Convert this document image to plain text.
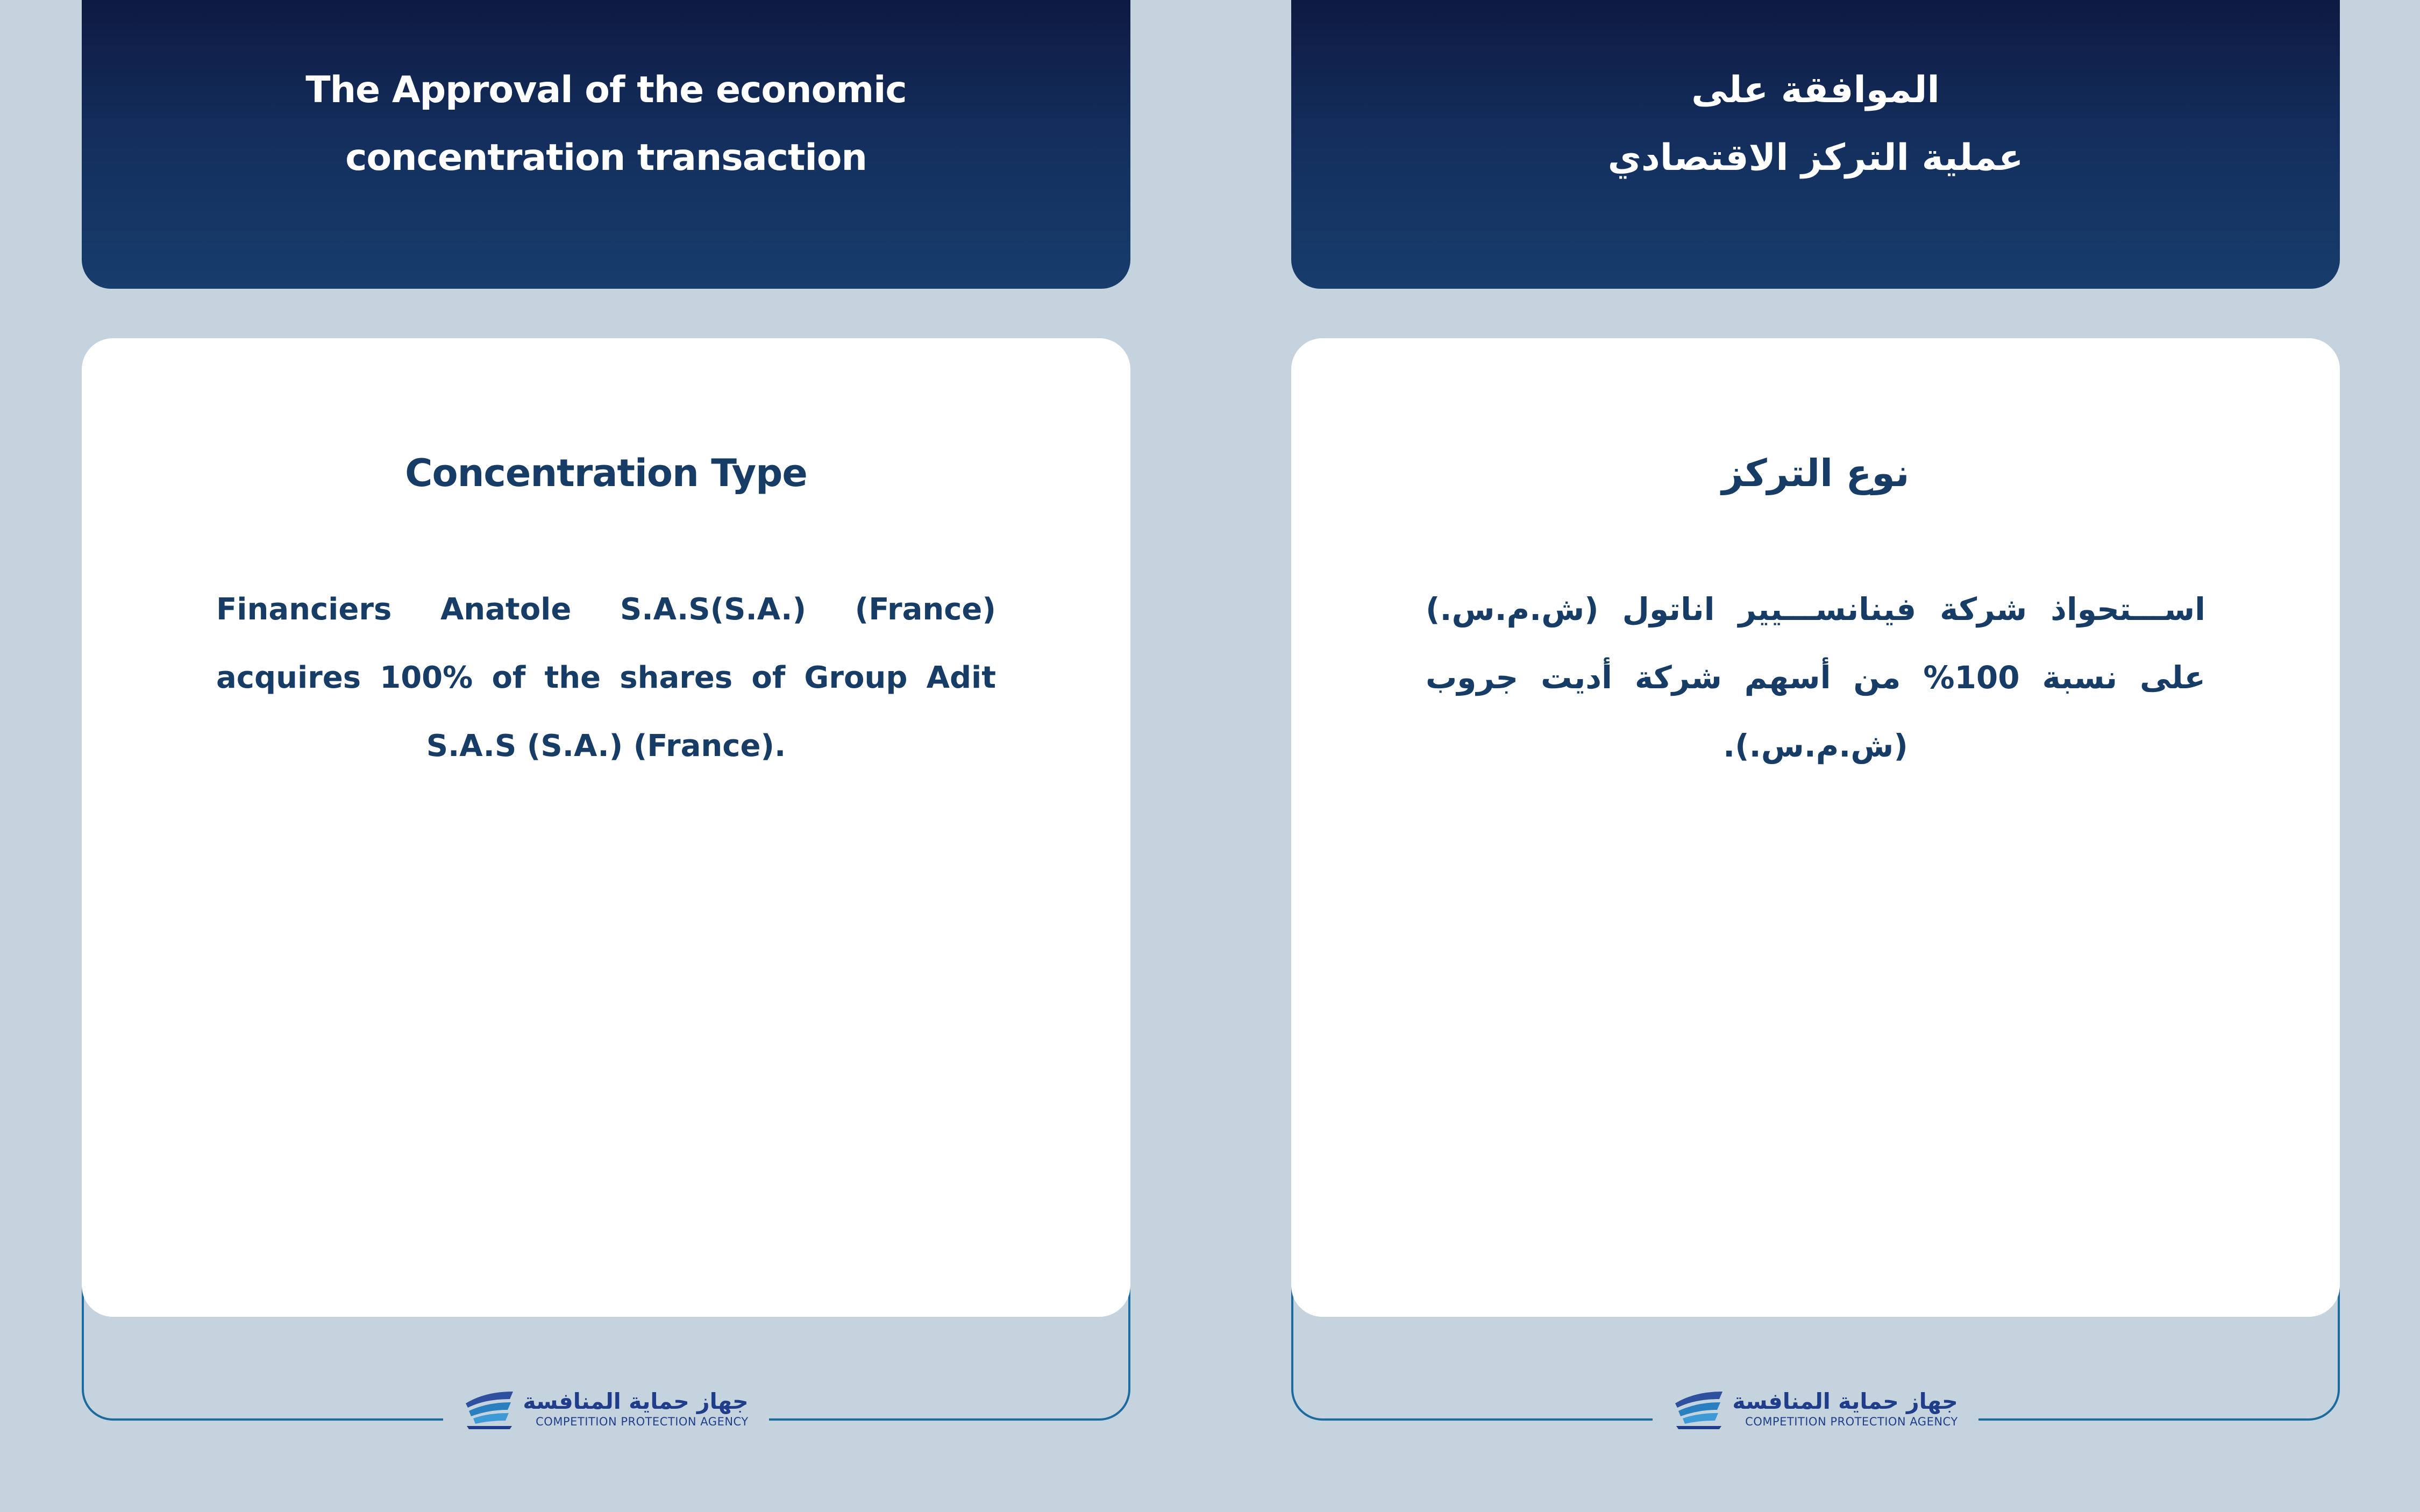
The Approval of the economic
concentration transaction
Concentration Type
Financiers Anatole S.A.S(S.A.) (France) acquires 100% of the shares of Group Adit S.A.S (S.A.) (France).
جهاز حماية المنافسة
COMPETITION PROTECTION AGENCY
الموافقة على
عملية التركز الاقتصادي
نوع التركز
اســـتحواذ شركة فينانســـيير اناتول (ش.م.س.) على نسبة 100% من أسهم شركة أديت جروب (ش.م.س.).
جهاز حماية المنافسة
COMPETITION PROTECTION AGENCY
